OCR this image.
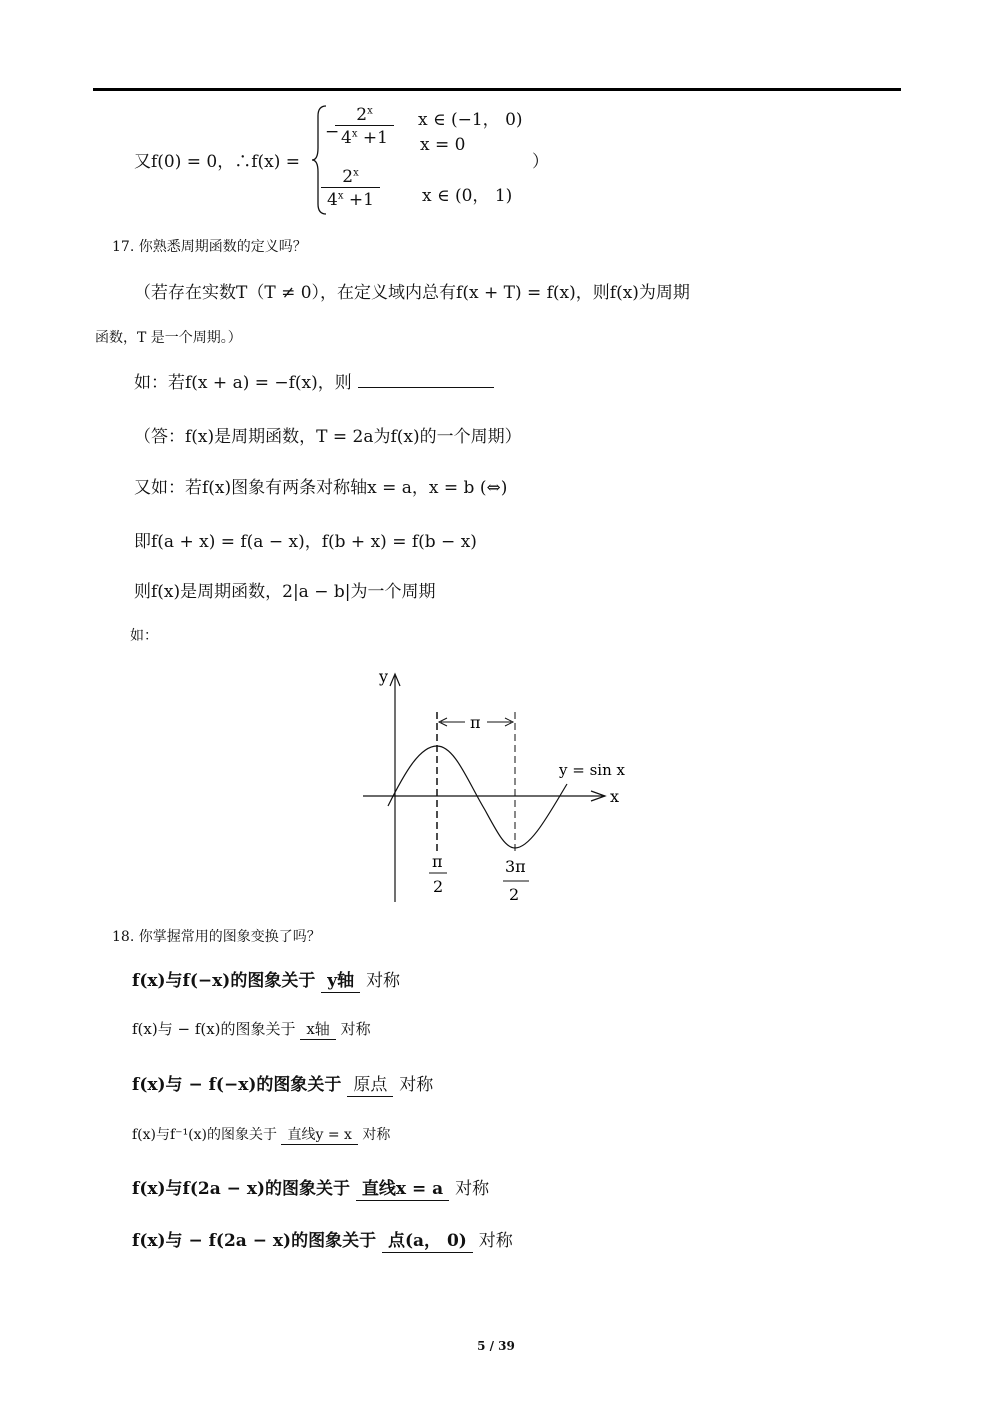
又f(0) = 0，∴f(x) =
−
$2^x$
$4^x +1$
x ∈ (−1， 0)
x = 0
）
2$^x$
$4^x +1$	x ∈ (0， 1)
17. 你熟悉周期函数的定义吗？
（若存在实数T（T ≠ 0），在定义域内总有f(x + T) = f(x)，则f(x)为周期
函数，T 是一个周期。）
如：若f(x + a) = −f(x)，则
（答：f(x)是周期函数，T = 2a为f(x)的一个周期）
又如：若f(x)图象有两条对称轴x = a，x = b (⇔)
即f(a + x) = f(a − x)，f(b + x) = f(b − x)
则f(x)是周期函数，2|a − b|为一个周期
如：
y
x
π
y = sin x
π
2
3π
2
18. 你掌握常用的图象变换了吗？
f(x)与f(−x)的图象关于 y轴 对称
f(x)与 − f(x)的图象关于 x轴 对称
f(x)与 − f(−x)的图象关于 原点 对称
f(x)与f⁻¹(x)的图象关于 直线y = x 对称
f(x)与f(2a − x)的图象关于 直线x = a 对称
f(x)与 − f(2a − x)的图象关于 点(a， 0) 对称
5 / 39
